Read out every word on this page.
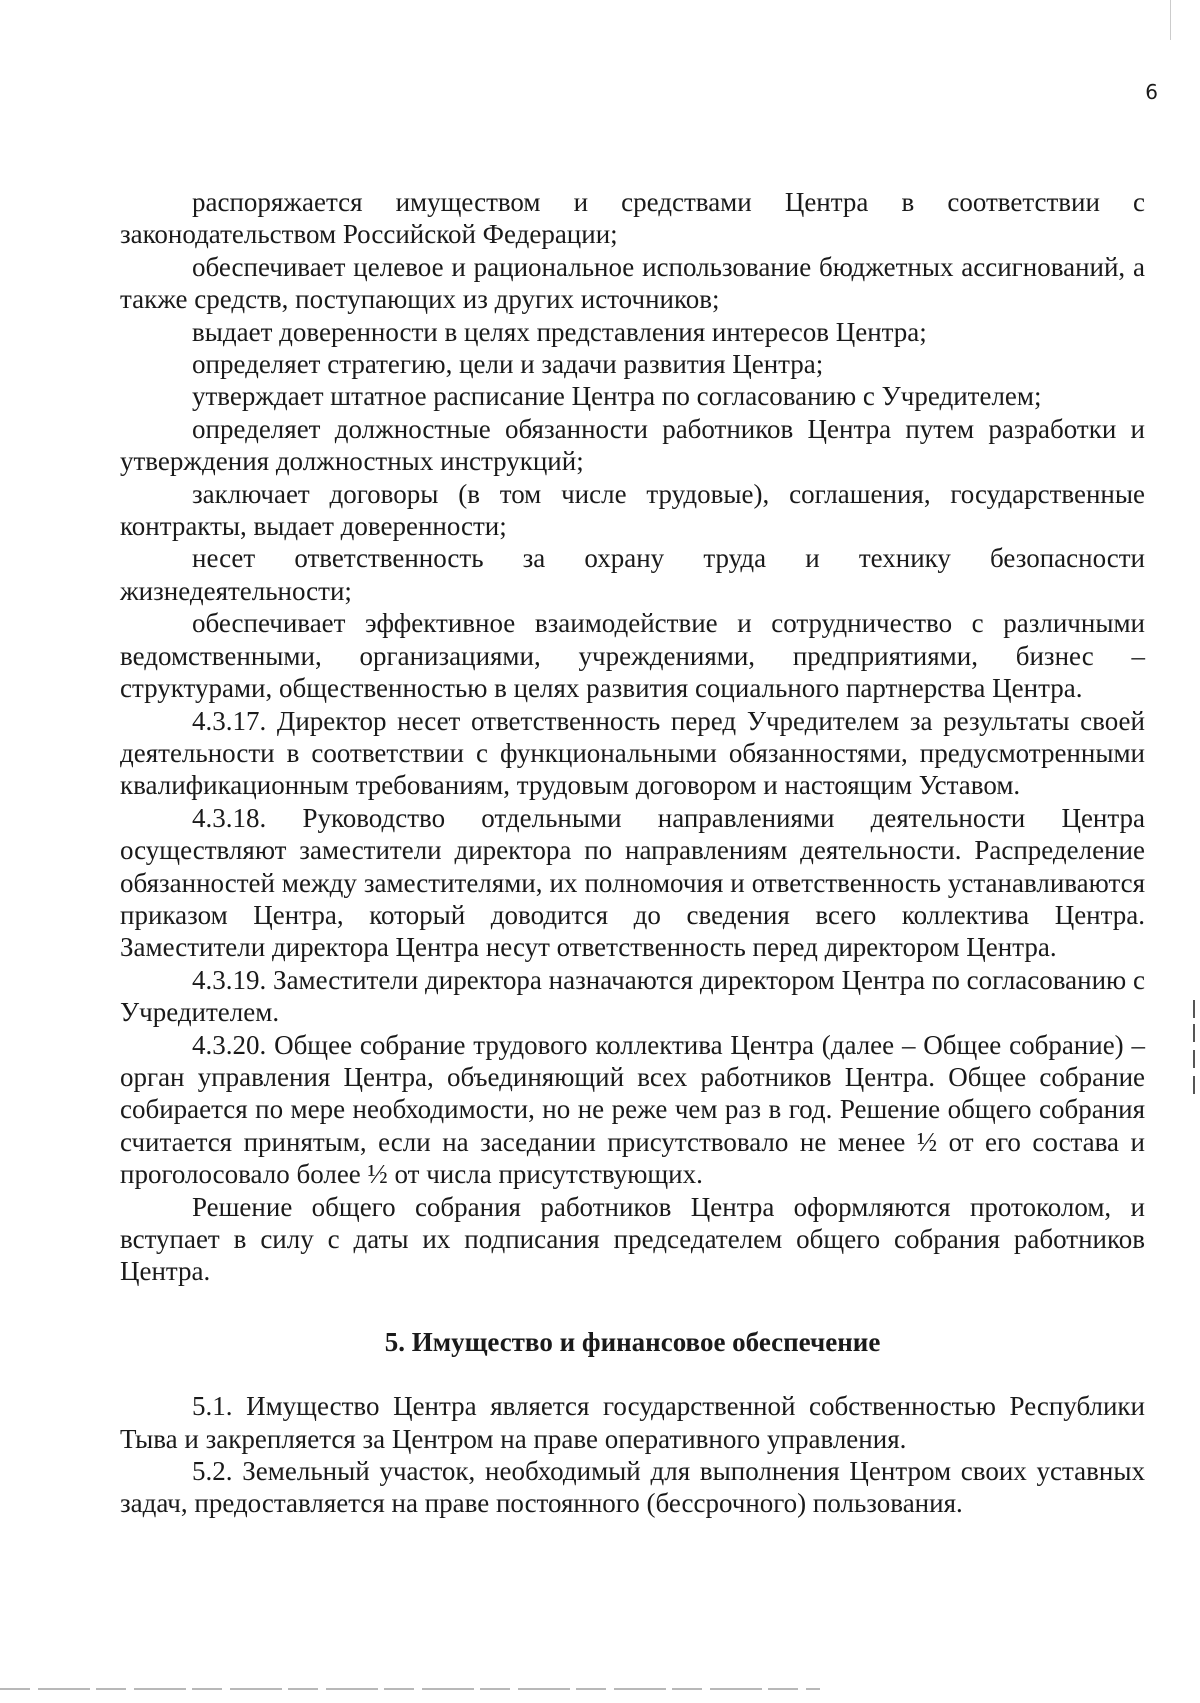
6

распоряжается имуществом и средствами Центра в соответствии с законодательством Российской Федерации;

обеспечивает целевое и рациональное использование бюджетных ассигнований, а также средств, поступающих из других источников;

выдает доверенности в целях представления интересов Центра;

определяет стратегию, цели и задачи развития Центра;

утверждает штатное расписание Центра по согласованию с Учредителем;

определяет должностные обязанности работников Центра путем разработки и утверждения должностных инструкций;

заключает договоры (в том числе трудовые), соглашения, государственные контракты, выдает доверенности;

несет ответственность за охрану труда и технику безопасности жизнедеятельности;

обеспечивает эффективное взаимодействие и сотрудничество с различными ведомственными, организациями, учреждениями, предприятиями, бизнес – структурами, общественностью в целях развития социального партнерства Центра.

4.3.17. Директор несет ответственность перед Учредителем за результаты своей деятельности в соответствии с функциональными обязанностями, предусмотренными квалификационным требованиям, трудовым договором и настоящим Уставом.

4.3.18. Руководство отдельными направлениями деятельности Центра осуществляют заместители директора по направлениям деятельности. Распределение обязанностей между заместителями, их полномочия и ответственность устанавливаются приказом Центра, который доводится до сведения всего коллектива Центра. Заместители директора Центра несут ответственность перед директором Центра.

4.3.19. Заместители директора назначаются директором Центра по согласованию с Учредителем.

4.3.20. Общее собрание трудового коллектива Центра (далее – Общее собрание) – орган управления Центра, объединяющий всех работников Центра. Общее собрание собирается по мере необходимости, но не реже чем раз в год. Решение общего собрания считается принятым, если на заседании присутствовало не менее ½ от его состава и проголосовало более ½ от числа присутствующих.

Решение общего собрания работников Центра оформляются протоколом, и вступает в силу с даты их подписания председателем общего собрания работников Центра.

5. Имущество и финансовое обеспечение

5.1. Имущество Центра является государственной собственностью Республики Тыва и закрепляется за Центром на праве оперативного управления.

5.2. Земельный участок, необходимый для выполнения Центром своих уставных задач, предоставляется на праве постоянного (бессрочного) пользования.
